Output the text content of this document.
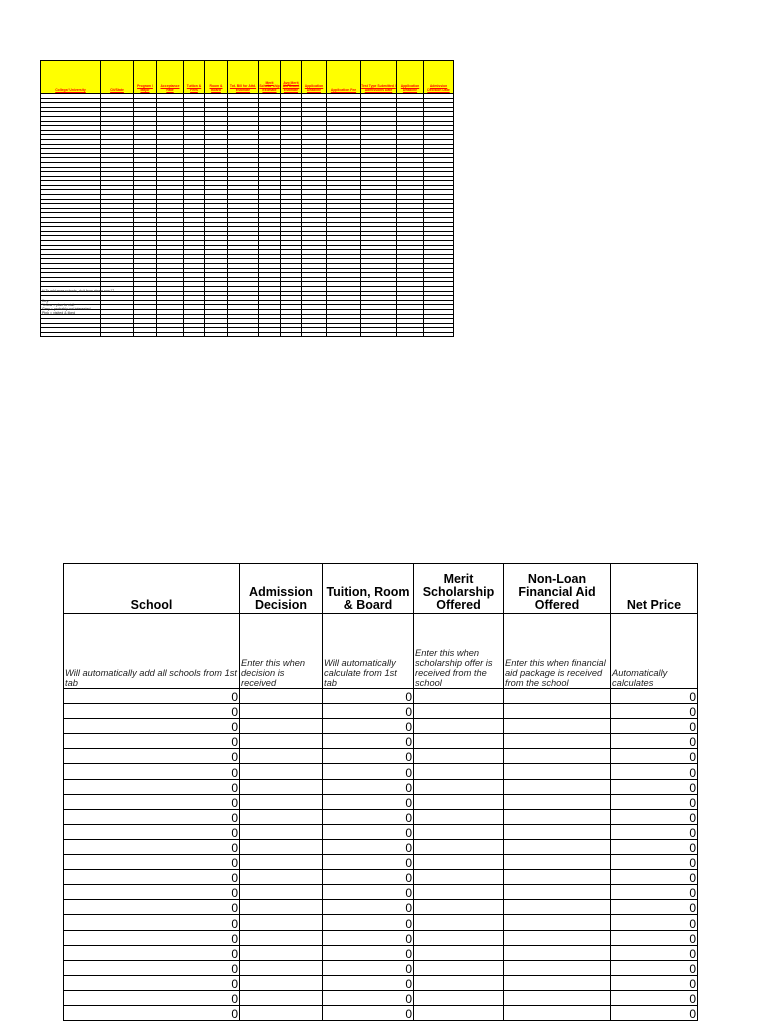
College/ University	Cit/State	Program / Major	Acceptance Rate	Tuition & Fees	Room & Board	Tot. Bill for Attd. Estimate	Merit Scholar ship Estimate	Avg Merit Aid Award Estimate	Application Deadline	Application Fee	Test Type Submitted / Admissions Date	Application Deadline	Admission Decision Date

** To add more schools, do it from above row 17
Key:
Yellow = plan to visit
Grey = probably not interested
Pink = visited & liked
School	Admission Decision	Tuition, Room & Board	Merit Scholarship Offered	Non-Loan Financial Aid Offered	Net Price
Will automatically add all schools from 1st tab	Enter this when decision is received	Will automatically calculate from 1st tab	Enter this when scholarship offer is received from the school	Enter this when financial aid package is received from the school	Automatically calculates
0		0			0
0		0			0
0		0			0
0		0			0
0		0			0
0		0			0
0		0			0
0		0			0
0		0			0
0		0			0
0		0			0
0		0			0
0		0			0
0		0			0
0		0			0
0		0			0
0		0			0
0		0			0
0		0			0
0		0			0
0		0			0
0		0			0
